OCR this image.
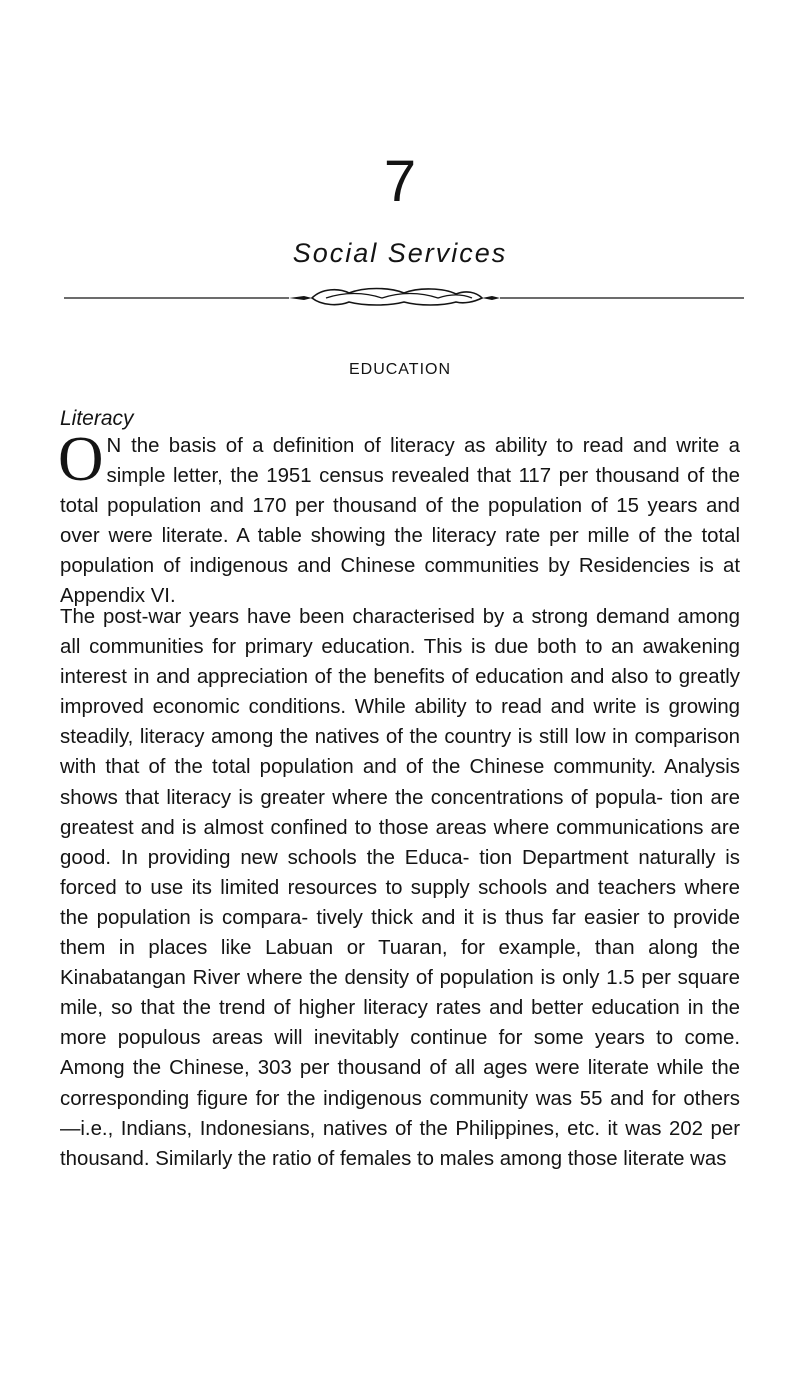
7
Social Services
EDUCATION
Literacy

O N the basis of a definition of literacy as ability to read and write a simple letter, the 1951 census revealed that 117 per thousand of the total population and 170 per thousand of the population of 15 years and over were literate. A table showing the literacy rate per mille of the total population of indigenous and Chinese communities by Residencies is at Appendix VI.

The post-war years have been characterised by a strong demand among all communities for primary education. This is due both to an awakening interest in and appreciation of the benefits of education and also to greatly improved economic conditions. While ability to read and write is growing steadily, literacy among the natives of the country is still low in comparison with that of the total population and of the Chinese community. Analysis shows that literacy is greater where the concentrations of popula- tion are greatest and is almost confined to those areas where communications are good. In providing new schools the Educa- tion Department naturally is forced to use its limited resources to supply schools and teachers where the population is compara- tively thick and it is thus far easier to provide them in places like Labuan or Tuaran, for example, than along the Kinabatangan River where the density of population is only 1.5 per square mile, so that the trend of higher literacy rates and better education in the more populous areas will inevitably continue for some years to come. Among the Chinese, 303 per thousand of all ages were literate while the corresponding figure for the indigenous community was 55 and for others—i.e., Indians, Indonesians, natives of the Philippines, etc. it was 202 per thousand. Similarly the ratio of females to males among those literate was
